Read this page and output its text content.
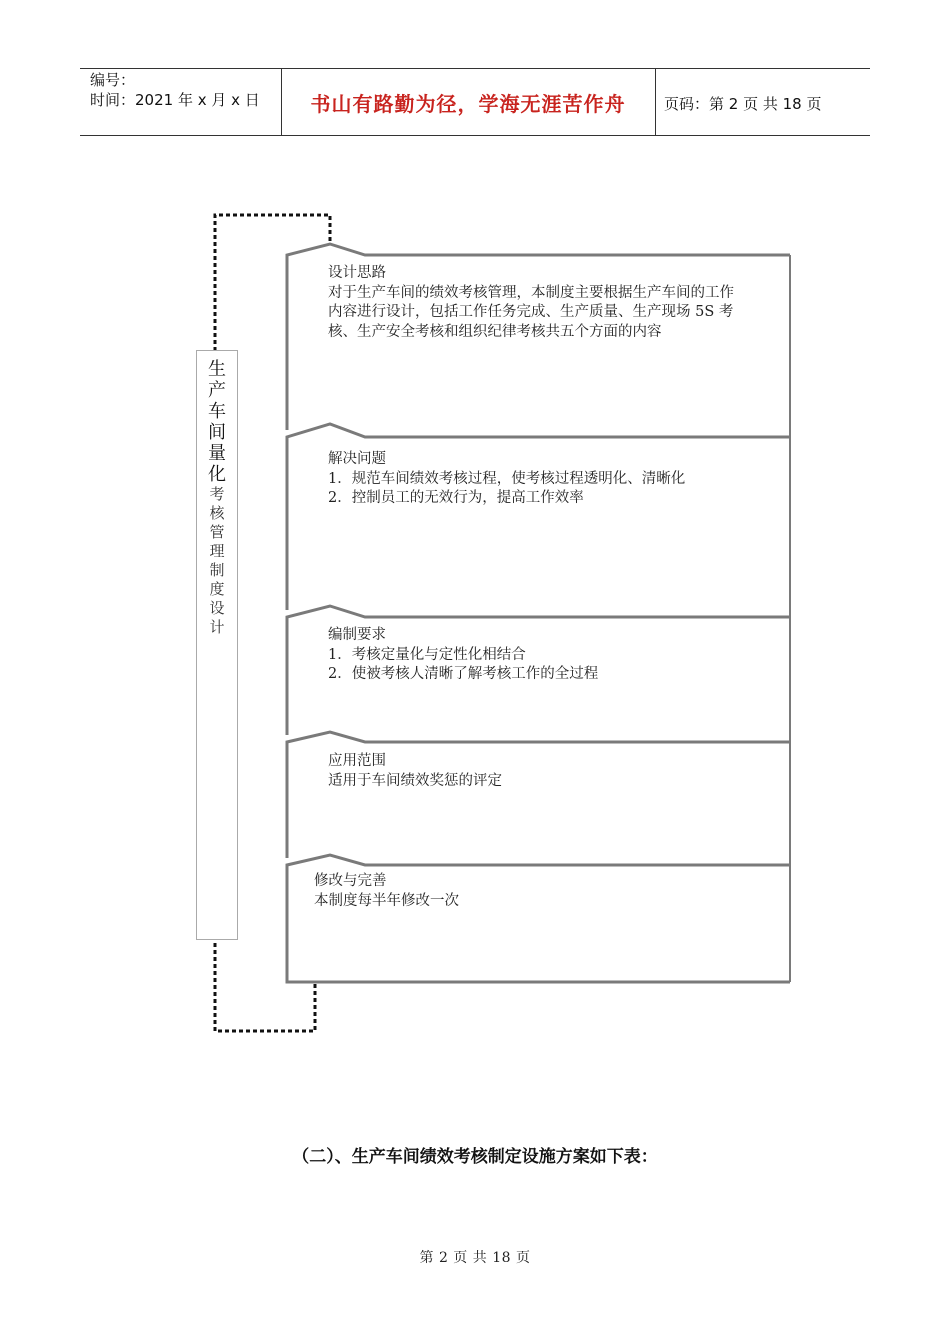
编号：
时间：2021 年 x 月 x 日	书山有路勤为径，学海无涯苦作舟	页码：第 2 页 共 18 页
生
产
车
间
量
化
考
核
管
理
制
度
设
计
设计思路
对于生产车间的绩效考核管理，本制度主要根据生产车间的工作
内容进行设计，包括工作任务完成、生产质量、生产现场 5S 考
核、生产安全考核和组织纪律考核共五个方面的内容
解决问题
1．规范车间绩效考核过程，使考核过程透明化、清晰化
2．控制员工的无效行为，提高工作效率
编制要求
1．考核定量化与定性化相结合
2．使被考核人清晰了解考核工作的全过程
应用范围
适用于车间绩效奖惩的评定
修改与完善
本制度每半年修改一次
（二）、生产车间绩效考核制定设施方案如下表：
第 2 页 共 18 页
